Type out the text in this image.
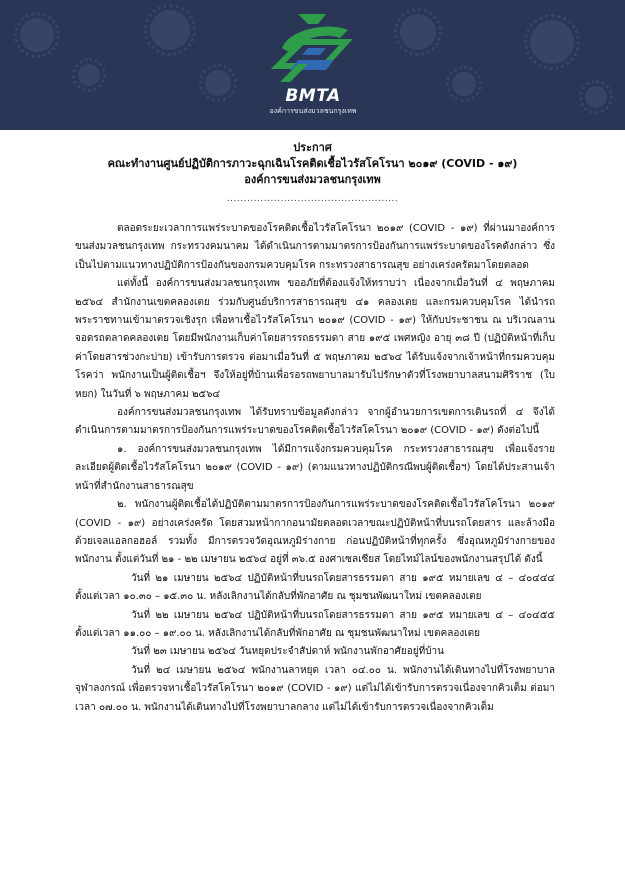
BMTA
องค์การขนส่งมวลชนกรุงเทพ
ประกาศ
คณะทำงานศูนย์ปฏิบัติการภาวะฉุกเฉินโรคติดเชื้อไวรัสโคโรนา ๒๐๑๙ (COVID - ๑๙)
องค์การขนส่งมวลชนกรุงเทพ
...................................................

ตลอดระยะเวลาการแพร่ระบาดของโรคติดเชื้อไวรัสโคโรนา ๒๐๑๙ (COVID - ๑๙) ที่ผ่านมาองค์การขนส่งมวลชนกรุงเทพ กระทรวงคมนาคม ได้ดำเนินการตามมาตรการป้องกันการแพร่ระบาดของโรคดังกล่าว ซึ่งเป็นไปตามแนวทางปฏิบัติการป้องกันของกรมควบคุมโรค กระทรวงสาธารณสุข อย่างเคร่งครัดมาโดยตลอด

แต่ทั้งนี้ องค์การขนส่งมวลชนกรุงเทพ ขออภัยที่ต้องแจ้งให้ทราบว่า เนื่องจากเมื่อวันที่ ๔ พฤษภาคม ๒๕๖๔ สำนักงานเขตคลองเตย ร่วมกับศูนย์บริการสาธารณสุข ๔๑ คลองเตย และกรมควบคุมโรค ได้นำรถพระราชทานเข้ามาตรวจเชิงรุก เพื่อหาเชื้อไวรัสโคโรนา ๒๐๑๙ (COVID - ๑๙) ให้กับประชาชน ณ บริเวณลานจอดรถตลาดคลองเตย โดยมีพนักงานเก็บค่าโดยสารรถธรรมดา สาย ๑๙๕ เพศหญิง อายุ ๓๘ ปี (ปฏิบัติหน้าที่เก็บค่าโดยสารช่วงกะบ่าย) เข้ารับการตรวจ ต่อมาเมื่อวันที่ ๕ พฤษภาคม ๒๕๖๔ ได้รับแจ้งจากเจ้าหน้าที่กรมควบคุมโรคว่า พนักงานเป็นผู้ติดเชื้อฯ จึงให้อยู่ที่บ้านเพื่อรอรถพยาบาลมารับไปรักษาตัวที่โรงพยาบาลสนามศิริราช (ใบหยก) ในวันที่ ๖ พฤษภาคม ๒๕๖๔

องค์การขนส่งมวลชนกรุงเทพ ได้รับทราบข้อมูลดังกล่าว จากผู้อำนวยการเขตการเดินรถที่ ๔ จึงได้ดำเนินการตามมาตรการป้องกันการแพร่ระบาดของโรคติดเชื้อไวรัสโคโรนา ๒๐๑๙ (COVID - ๑๙) ดังต่อไปนี้

๑. องค์การขนส่งมวลชนกรุงเทพ ได้มีการแจ้งกรมควบคุมโรค กระทรวงสาธารณสุข เพื่อแจ้งรายละเอียดผู้ติดเชื้อไวรัสโคโรนา ๒๐๑๙ (COVID - ๑๙) (ตามแนวทางปฏิบัติกรณีพบผู้ติดเชื้อฯ) โดยได้ประสานเจ้าหน้าที่สำนักงานสาธารณสุข

๒. พนักงานผู้ติดเชื้อได้ปฏิบัติตามมาตรการป้องกันการแพร่ระบาดของโรคติดเชื้อไวรัสโคโรนา ๒๐๑๙ (COVID - ๑๙) อย่างเคร่งครัด โดยสวมหน้ากากอนามัยตลอดเวลาขณะปฏิบัติหน้าที่บนรถโดยสาร และล้างมือด้วยเจลแอลกอฮอล์ รวมทั้ง มีการตรวจวัดอุณหภูมิร่างกาย ก่อนปฏิบัติหน้าที่ทุกครั้ง ซึ่งอุณหภูมิร่างกายของพนักงาน ตั้งแต่วันที่ ๒๑ - ๒๒ เมษายน ๒๕๖๔ อยู่ที่ ๓๖.๕ องศาเซลเซียส โดยไทม์ไลน์ของพนักงานสรุปได้ ดังนี้

วันที่ ๒๑ เมษายน ๒๕๖๔ ปฏิบัติหน้าที่บนรถโดยสารธรรมดา สาย ๑๙๕ หมายเลข ๔ – ๔๐๔๔๔ ตั้งแต่เวลา ๑๐.๓๐ – ๑๕.๓๐ น. หลังเลิกงานได้กลับที่พักอาศัย ณ ชุมชนพัฒนาใหม่ เขตคลองเตย

วันที่ ๒๒ เมษายน ๒๕๖๔ ปฏิบัติหน้าที่บนรถโดยสารธรรมดา สาย ๑๙๕ หมายเลข ๔ – ๔๐๔๕๕ ตั้งแต่เวลา ๑๑.๐๐ – ๑๙.๐๐ น. หลังเลิกงานได้กลับที่พักอาศัย ณ ชุมชนพัฒนาใหม่ เขตคลองเตย

วันที่ ๒๓ เมษายน ๒๕๖๔ วันหยุดประจำสัปดาห์ พนักงานพักอาศัยอยู่ที่บ้าน

วันที่ ๒๔ เมษายน ๒๕๖๔ พนักงานลาหยุด เวลา ๐๔.๐๐ น. พนักงานได้เดินทางไปที่โรงพยาบาลจุฬาลงกรณ์ เพื่อตรวจหาเชื้อไวรัสโคโรนา ๒๐๑๙ (COVID - ๑๙) แต่ไม่ได้เข้ารับการตรวจเนื่องจากคิวเต็ม ต่อมาเวลา ๐๗.๐๐ น. พนักงานได้เดินทางไปที่โรงพยาบาลกลาง แต่ไม่ได้เข้ารับการตรวจเนื่องจากคิวเต็ม
